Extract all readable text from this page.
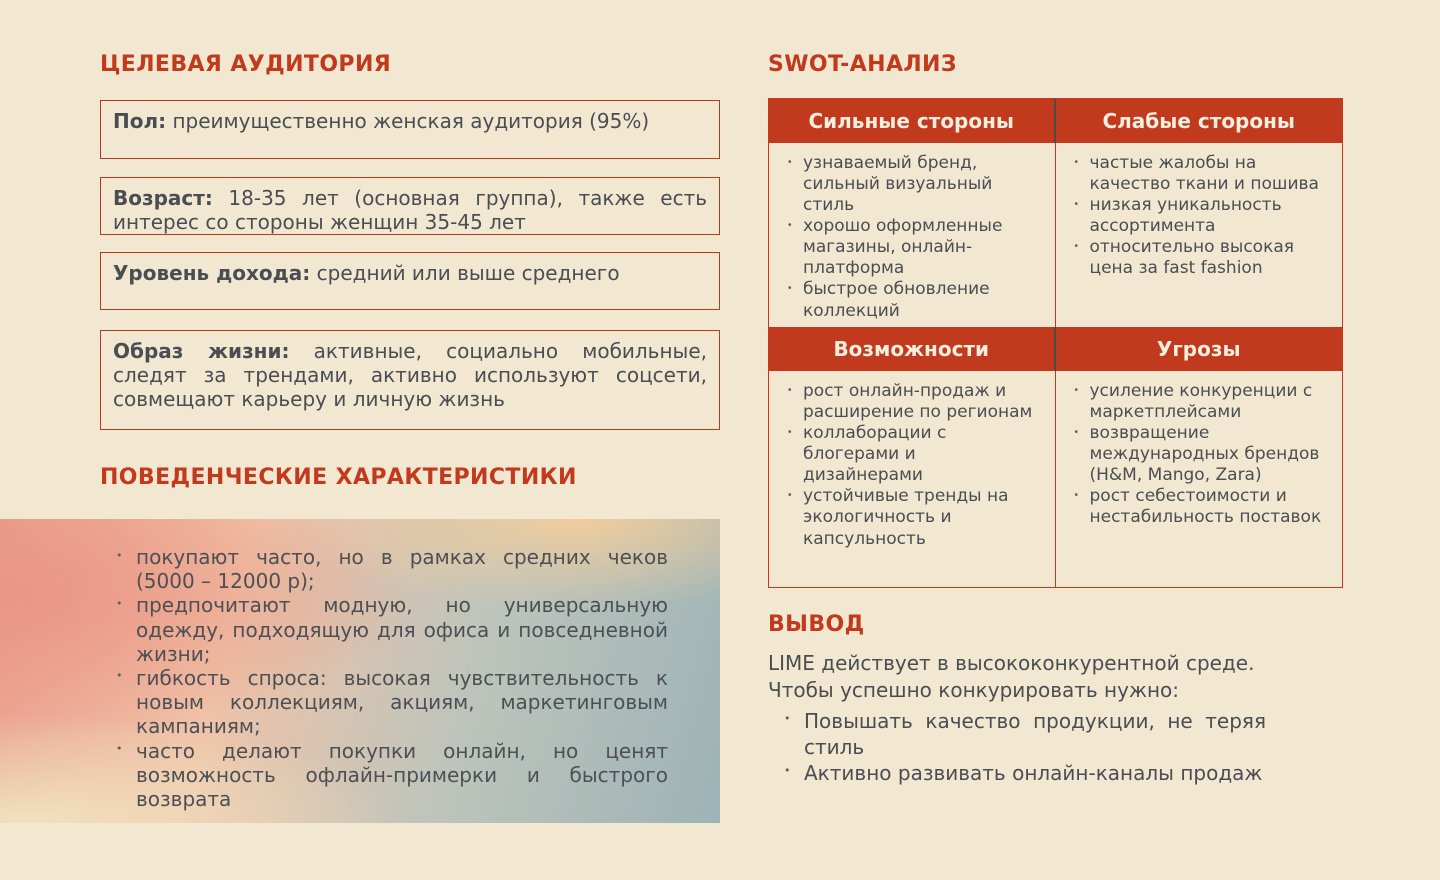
ЦЕЛЕВАЯ АУДИТОРИЯ
Пол: преимущественно женская аудитория (95%)
Возраст: 18-35 лет (основная группа), также есть интерес со стороны женщин 35-45 лет
Уровень дохода: средний или выше среднего
Образ жизни: активные, социально мобильные, следят за трендами, активно используют соцсети, совмещают карьеру и личную жизнь
ПОВЕДЕНЧЕСКИЕ ХАРАКТЕРИСТИКИ
• покупают часто, но в рамках средних чеков (5000 – 12000 р);
• предпочитают модную, но универсальную одежду, подходящую для офиса и повседневной жизни;
• гибкость спроса: высокая чувствительность к новым коллекциям, акциям, маркетинговым кампаниям;
• часто делают покупки онлайн, но ценят возможность офлайн-примерки и быстрого возврата
SWOT-АНАЛИЗ
Сильные стороны	Слабые стороны
• узнаваемый бренд, сильный визуальный стиль
• хорошо оформленные магазины, онлайн-платформа
• быстрое обновление коллекций
• частые жалобы на качество ткани и пошива
• низкая уникальность ассортимента
• относительно высокая цена за fast fashion
Возможности	Угрозы
• рост онлайн-продаж и расширение по регионам
• коллаборации с блогерами и дизайнерами
• устойчивые тренды на экологичность и капсульность
• усиление конкуренции с маркетплейсами
• возвращение международных брендов (H&M, Mango, Zara)
• рост себестоимости и нестабильность поставок
ВЫВОД
LIME действует в высококонкурентной среде.
Чтобы успешно конкурировать нужно:
• Повышать качество продукции, не теряя стиль
• Активно развивать онлайн-каналы продаж
